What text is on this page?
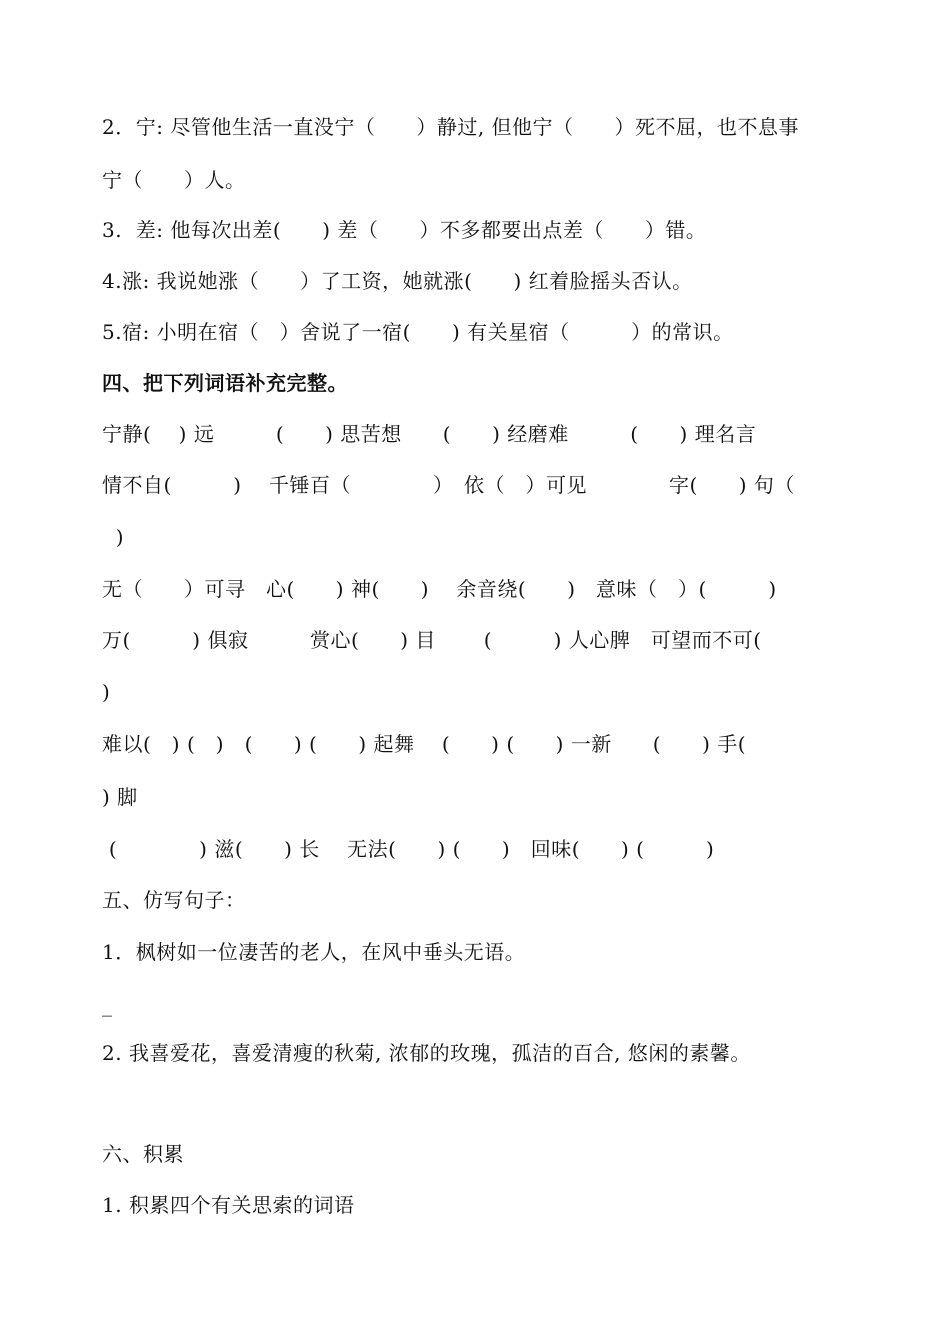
2．宁: 尽管他生活一直没宁（　　）静过, 但他宁（　　）死不屈，也不息事
宁（　　）人。
3.  差: 他每次出差(　　) 差（　　）不多都要出点差（　　）错。
4.涨: 我说她涨（　　）了工资，她就涨(　　) 红着脸摇头否认。
5.宿: 小明在宿（　）舍说了一宿(　　) 有关星宿（　　　）的常识。
四、把下列词语补充完整。
宁静(　 ) 远　　　(　　) 思苦想　　(　　) 经磨难　　　(　　) 理名言
情不自(　　　)　 千锤百（　　　　）　依（　）可见　　　　字(　　) 句（
)
无（　　）可寻　心(　　) 神(　　)　 余音绕(　　)　意味（　）(　　　)
万(　　　) 俱寂　　　赏心(　　) 目　　 (　　　) 人心脾　可望而不可(
)
难以(　) (　)　(　　) (　　) 起舞　 (　　) (　　) 一新　　(　　) 手(
) 脚
(　　　　) 滋(　　) 长　 无法(　　) (　　)　回味(　　) (　　　)
五、仿写句子：
1．枫树如一位凄苦的老人，在风中垂头无语。
_
2. 我喜爱花，喜爱清瘦的秋菊, 浓郁的玫瑰，孤洁的百合, 悠闲的素馨。
六、积累
1. 积累四个有关思索的词语
